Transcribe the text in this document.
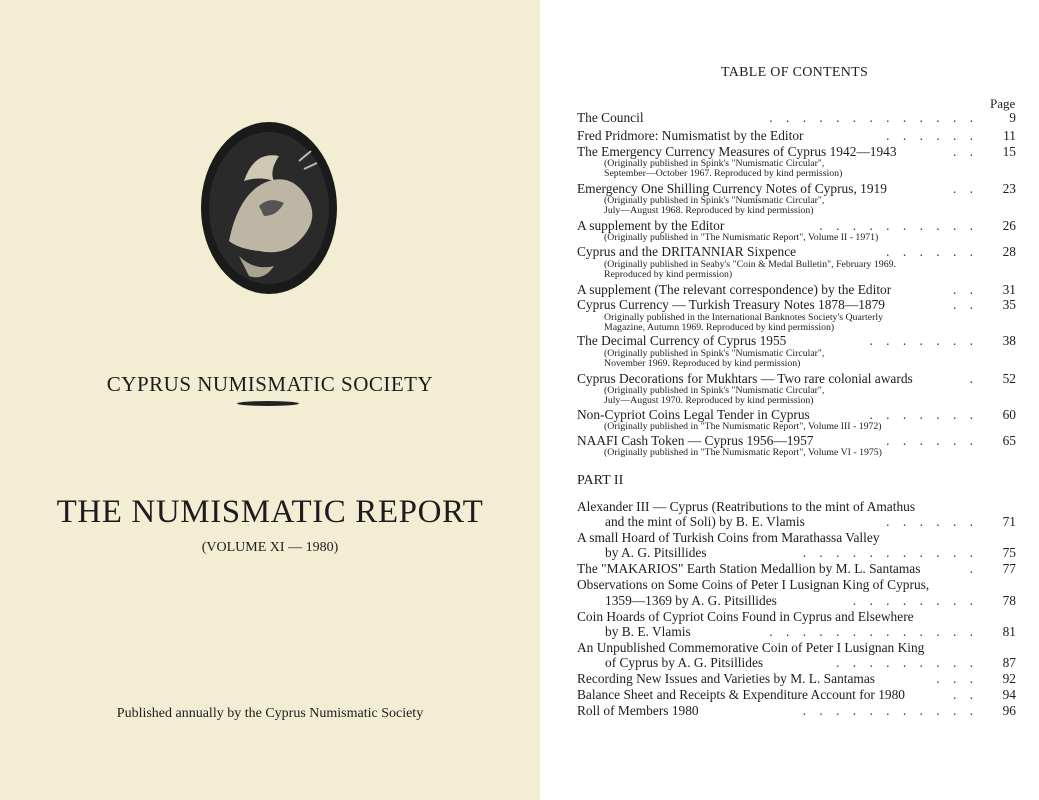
CYPRUS NUMISMATIC SOCIETY
THE NUMISMATIC REPORT
(VOLUME XI — 1980)
Published annually by the Cyprus Numismatic Society
TABLE OF CONTENTS
Page
The Council	. . . . . . . . . . . . . 9
Fred Pridmore: Numismatist by the Editor	. . . . . . 11
The Emergency Currency Measures of Cyprus 1942—1943	. . 15
(Originally published in Spink's "Numismatic Circular",
September—October 1967. Reproduced by kind permission)
Emergency One Shilling Currency Notes of Cyprus, 1919	. . 23
(Originally published in Spink's "Numismatic Circular",
July—August 1968. Reproduced by kind permission)
A supplement by the Editor	. . . . . . . . . . 26
(Originally published in "The Numismatic Report", Volume II - 1971)
Cyprus and the DRITANNIAR Sixpence	. . . . . . 28
(Originally published in Seaby's "Coin & Medal Bulletin", February 1969.
Reproduced by kind permission)
A supplement (The relevant correspondence) by the Editor	. . 31
Cyprus Currency — Turkish Treasury Notes 1878—1879	. . 35
Originally published in the International Banknotes Society's Quarterly
Magazine, Autumn 1969. Reproduced by kind permission)
The Decimal Currency of Cyprus 1955	. . . . . . . 38
(Originally published in Spink's "Numismatic Circular",
November 1969. Reproduced by kind permission)
Cyprus Decorations for Mukhtars — Two rare colonial awards	. 52
(Originally published in Spink's "Numismatic Circular",
July—August 1970. Reproduced by kind permission)
Non-Cypriot Coins Legal Tender in Cyprus	. . . . . . . 60
(Originally published in "The Numismatic Report", Volume III - 1972)
NAAFI Cash Token — Cyprus 1956—1957	. . . . . . 65
(Originally published in "The Numismatic Report", Volume VI - 1975)
PART II
Alexander III — Cyprus (Reatributions to the mint of Amathus
and the mint of Soli) by B. E. Vlamis	. . . . . . 71
A small Hoard of Turkish Coins from Marathassa Valley
by A. G. Pitsillides	. . . . . . . . . . . 75
The "MAKARIOS" Earth Station Medallion by M. L. Santamas	. 77
Observations on Some Coins of Peter I Lusignan King of Cyprus,
1359—1369 by A. G. Pitsillides	. . . . . . . . 78
Coin Hoards of Cypriot Coins Found in Cyprus and Elsewhere
by B. E. Vlamis	. . . . . . . . . . . . . 81
An Unpublished Commemorative Coin of Peter I Lusignan King
of Cyprus by A. G. Pitsillides	. . . . . . . . . 87
Recording New Issues and Varieties by M. L. Santamas	. . . 92
Balance Sheet and Receipts & Expenditure Account for 1980	. . 94
Roll of Members 1980	. . . . . . . . . . . 96
